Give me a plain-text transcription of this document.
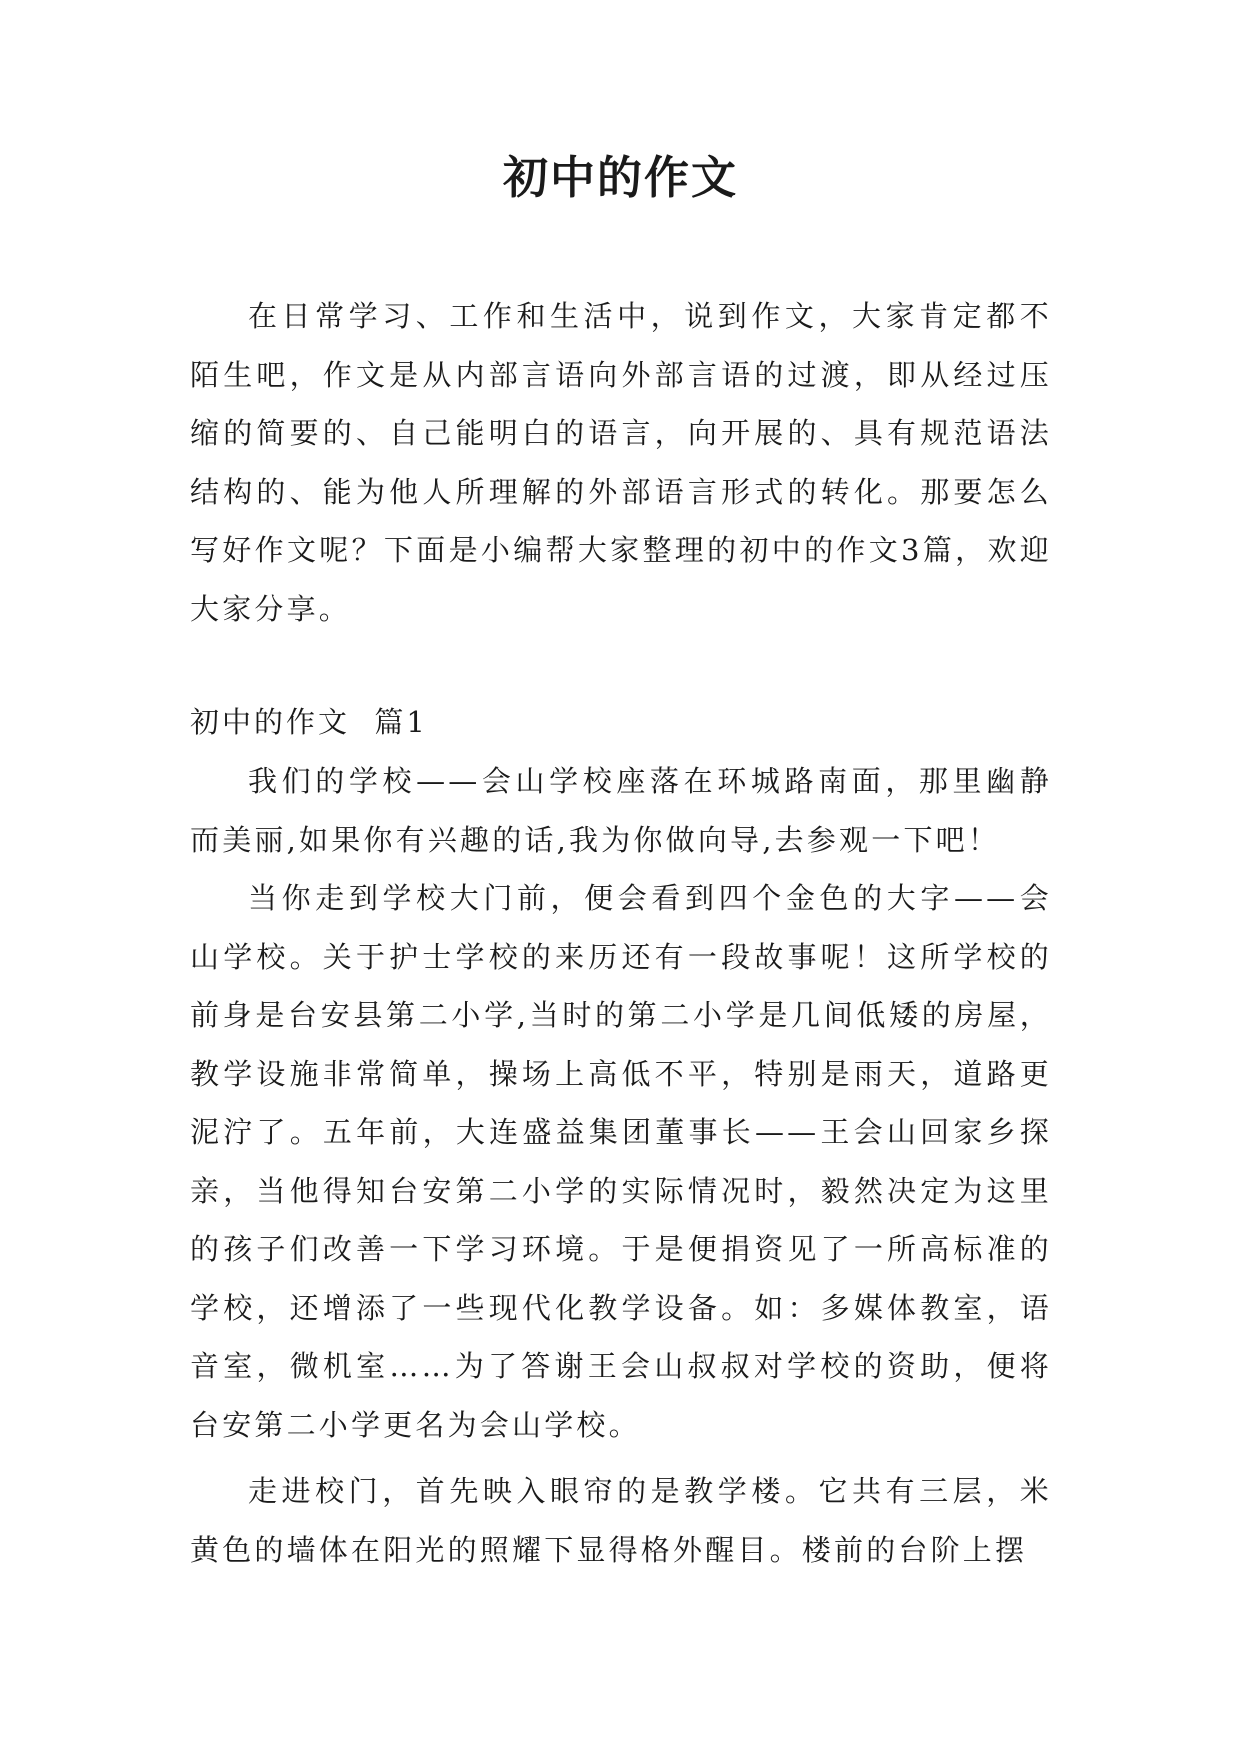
初中的作文

在日常学习、工作和生活中，说到作文，大家肯定都不陌生吧，作文是从内部言语向外部言语的过渡，即从经过压缩的简要的、自己能明白的语言，向开展的、具有规范语法结构的、能为他人所理解的外部语言形式的转化。那要怎么写好作文呢？下面是小编帮大家整理的初中的作文3篇，欢迎大家分享。

初中的作文  篇1

我们的学校——会山学校座落在环城路南面，那里幽静而美丽,如果你有兴趣的话,我为你做向导,去参观一下吧！

当你走到学校大门前，便会看到四个金色的大字——会山学校。关于护士学校的来历还有一段故事呢！这所学校的前身是台安县第二小学,当时的第二小学是几间低矮的房屋，教学设施非常简单，操场上高低不平，特别是雨天，道路更泥泞了。五年前，大连盛益集团董事长——王会山回家乡探亲，当他得知台安第二小学的实际情况时，毅然决定为这里的孩子们改善一下学习环境。于是便捐资见了一所高标准的学校，还增添了一些现代化教学设备。如：多媒体教室，语音室，微机室……为了答谢王会山叔叔对学校的资助，便将台安第二小学更名为会山学校。

走进校门，首先映入眼帘的是教学楼。它共有三层，米黄色的墙体在阳光的照耀下显得格外醒目。楼前的台阶上摆
